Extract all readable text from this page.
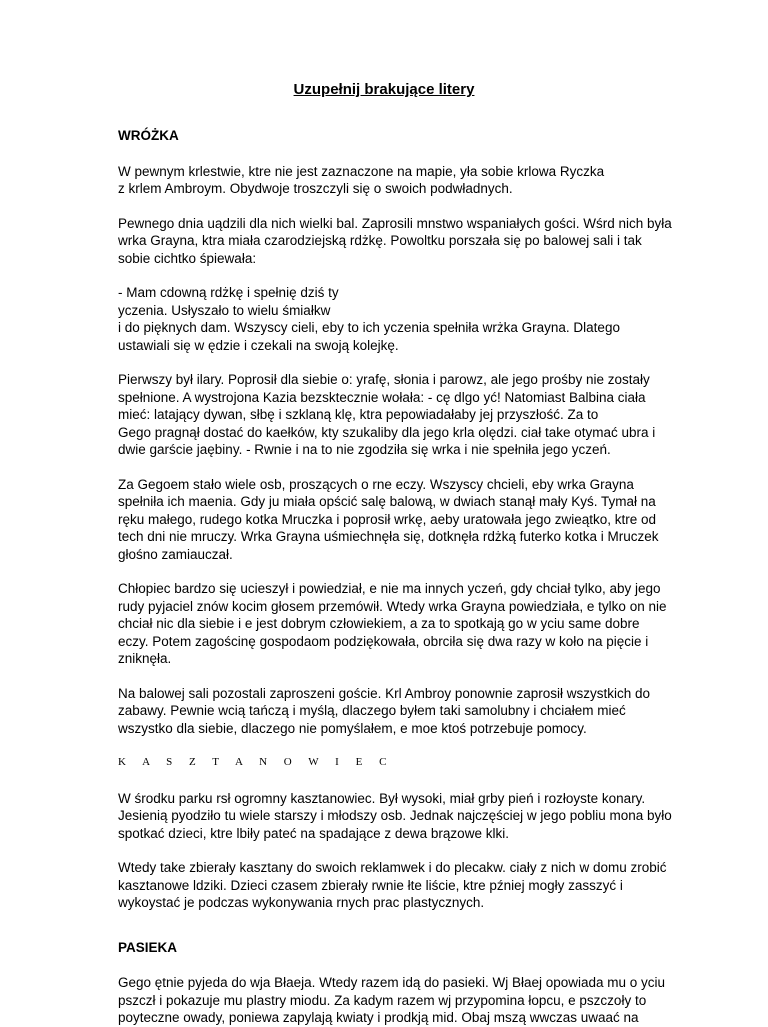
Uzupełnij brakujące litery
WRÓŻKA

W pewnym krlestwie, ktre nie jest zaznaczone na mapie, yła sobie krlowa Ryczka
z krlem Ambroym. Obydwoje troszczyli się o swoich podwładnych.

Pewnego dnia uądzili dla nich wielki bal. Zaprosili mnstwo wspaniałych gości. Wśrd nich była
wrka Grayna, ktra miała czarodziejską rdżkę. Powoltku porszała się po balowej sali i tak
sobie cichtko śpiewała:

- Mam cdowną rdżkę i spełnię dziś ty
yczenia. Usłyszało to wielu śmiałkw
i do pięknych dam. Wszyscy cieli, eby to ich yczenia spełniła wrżka Grayna. Dlatego
ustawiali się w ędzie i czekali na swoją kolejkę.

Pierwszy był ilary. Poprosił dla siebie o: yrafę, słonia i parowz, ale jego prośby nie zostały
spełnione. A wystrojona Kazia bezsktecznie wołała: - cę dlgo yć! Natomiast Balbina ciała
mieć: latający dywan, słbę i szklaną klę, ktra pepowiadałaby jej przyszłość. Za to
Gego pragnął dostać do kaełków, kty szukaliby dla jego krla olędzi. ciał take otymać ubra i
dwie garście jaębiny. - Rwnie i na to nie zgodziła się wrka i nie spełniła jego yczeń.

Za Gegoem stało wiele osb, proszących o rne eczy. Wszyscy chcieli, eby wrka Grayna
spełniła ich maenia. Gdy ju miała opścić salę balową, w dwiach stanął mały Kyś. Tymał na
ręku małego, rudego kotka Mruczka i poprosił wrkę, aeby uratowała jego zwieątko, ktre od
tech dni nie mruczy. Wrka Grayna uśmiechnęła się, dotknęła rdżką futerko kotka i Mruczek
głośno zamiauczał.

Chłopiec bardzo się ucieszył i powiedział, e nie ma innych yczeń, gdy chciał tylko, aby jego
rudy pyjaciel znów kocim głosem przemówił. Wtedy wrka Grayna powiedziała, e tylko on nie
chciał nic dla siebie i e jest dobrym człowiekiem, a za to spotkają go w yciu same dobre
eczy. Potem zagościnę gospodaom podziękowała, obrciła się dwa razy w koło na pięcie i
zniknęła.

Na balowej sali pozostali zaproszeni goście. Krl Ambroy ponownie zaprosił wszystkich do
zabawy. Pewnie wcią tańczą i myślą, dlaczego byłem taki samolubny i chciałem mieć
wszystko dla siebie, dlaczego nie pomyślałem, e moe ktoś potrzebuje pomocy.

K A S Z T A N O W I E C

W środku parku rsł ogromny kasztanowiec. Był wysoki, miał grby pień i rozłoyste konary.
Jesienią pyodziło tu wiele starszy i młodszy osb. Jednak najczęściej w jego pobliu mona było
spotkać dzieci, ktre lbiły pateć na spadające z dewa brązowe klki.

Wtedy take zbierały kasztany do swoich reklamwek i do plecakw. ciały z nich w domu zrobić
kasztanowe ldziki. Dzieci czasem zbierały rwnie łte liście, ktre pźniej mogły zasszyć i
wykoystać je podczas wykonywania rnych prac plastycznych.

PASIEKA

Gego ętnie pyjeda do wja Błaeja. Wtedy razem idą do pasieki. Wj Błaej opowiada mu o yciu
pszczł i pokazuje mu plastry miodu. Za kadym razem wj przypomina łopcu, e pszczoły to
poyteczne owady, poniewa zapylają kwiaty i prodkją mid. Obaj mszą wwczas uwaać na
